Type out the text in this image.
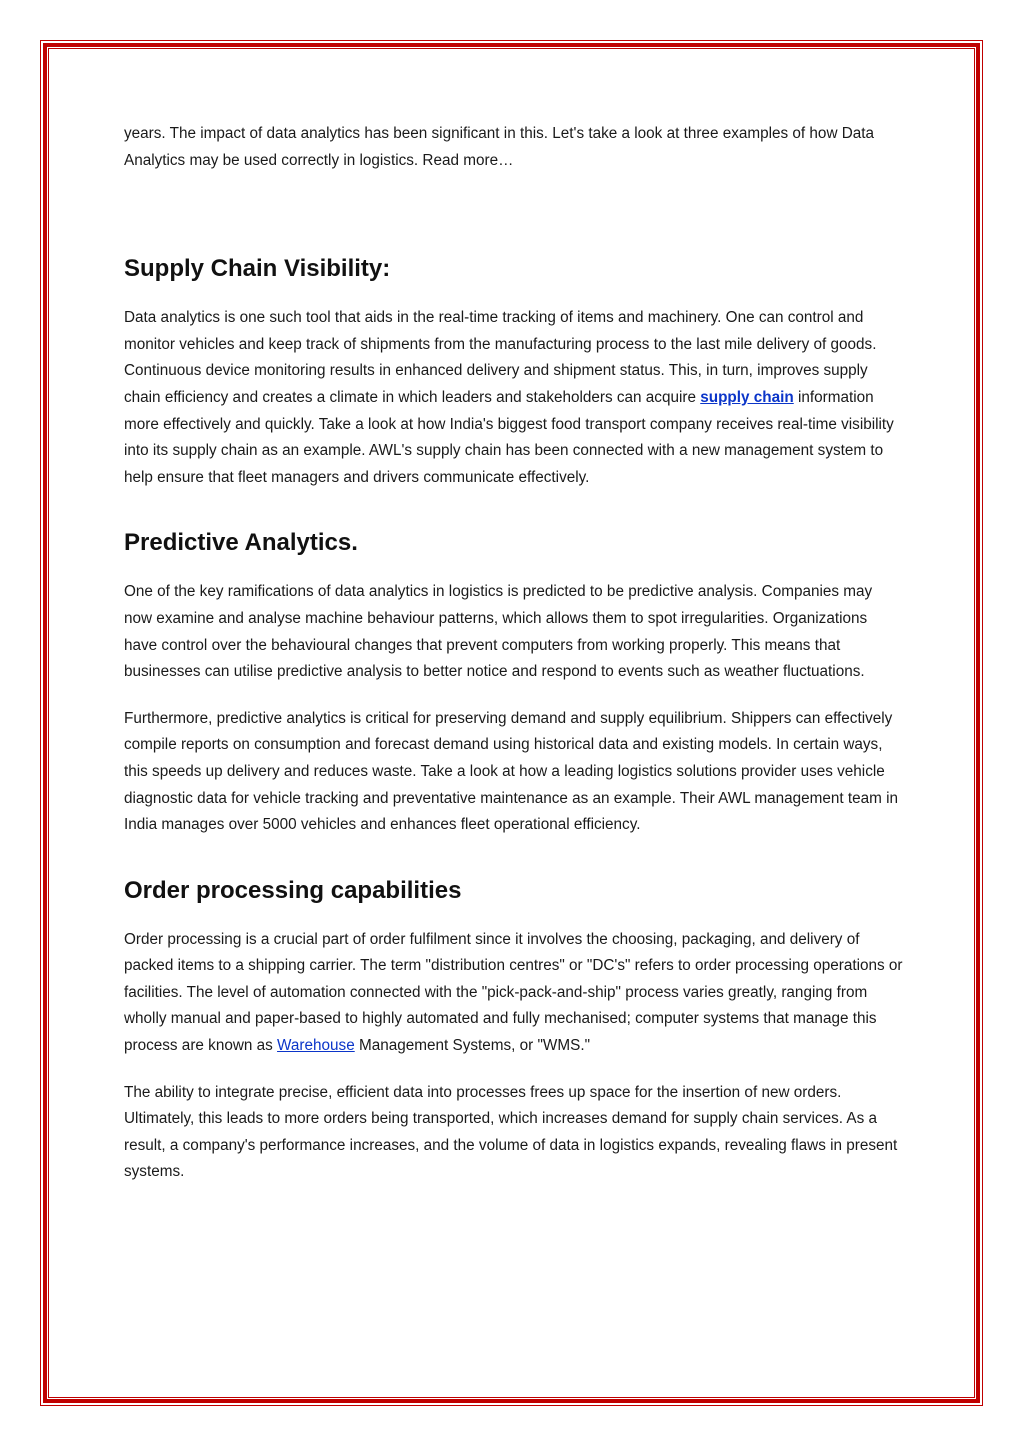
years. The impact of data analytics has been significant in this. Let's take a look at three examples of how Data Analytics may be used correctly in logistics. Read more…

Supply Chain Visibility:

Data analytics is one such tool that aids in the real-time tracking of items and machinery. One can control and monitor vehicles and keep track of shipments from the manufacturing process to the last mile delivery of goods. Continuous device monitoring results in enhanced delivery and shipment status. This, in turn, improves supply chain efficiency and creates a climate in which leaders and stakeholders can acquire supply chain information more effectively and quickly. Take a look at how India's biggest food transport company receives real-time visibility into its supply chain as an example. AWL's supply chain has been connected with a new management system to help ensure that fleet managers and drivers communicate effectively.

Predictive Analytics.

One of the key ramifications of data analytics in logistics is predicted to be predictive analysis. Companies may now examine and analyse machine behaviour patterns, which allows them to spot irregularities. Organizations have control over the behavioural changes that prevent computers from working properly. This means that businesses can utilise predictive analysis to better notice and respond to events such as weather fluctuations.

Furthermore, predictive analytics is critical for preserving demand and supply equilibrium. Shippers can effectively compile reports on consumption and forecast demand using historical data and existing models. In certain ways, this speeds up delivery and reduces waste. Take a look at how a leading logistics solutions provider uses vehicle diagnostic data for vehicle tracking and preventative maintenance as an example. Their AWL management team in India manages over 5000 vehicles and enhances fleet operational efficiency.

Order processing capabilities

Order processing is a crucial part of order fulfilment since it involves the choosing, packaging, and delivery of packed items to a shipping carrier. The term "distribution centres" or "DC's" refers to order processing operations or facilities. The level of automation connected with the "pick-pack-and-ship" process varies greatly, ranging from wholly manual and paper-based to highly automated and fully mechanised; computer systems that manage this process are known as Warehouse Management Systems, or "WMS."

The ability to integrate precise, efficient data into processes frees up space for the insertion of new orders. Ultimately, this leads to more orders being transported, which increases demand for supply chain services. As a result, a company's performance increases, and the volume of data in logistics expands, revealing flaws in present systems.
